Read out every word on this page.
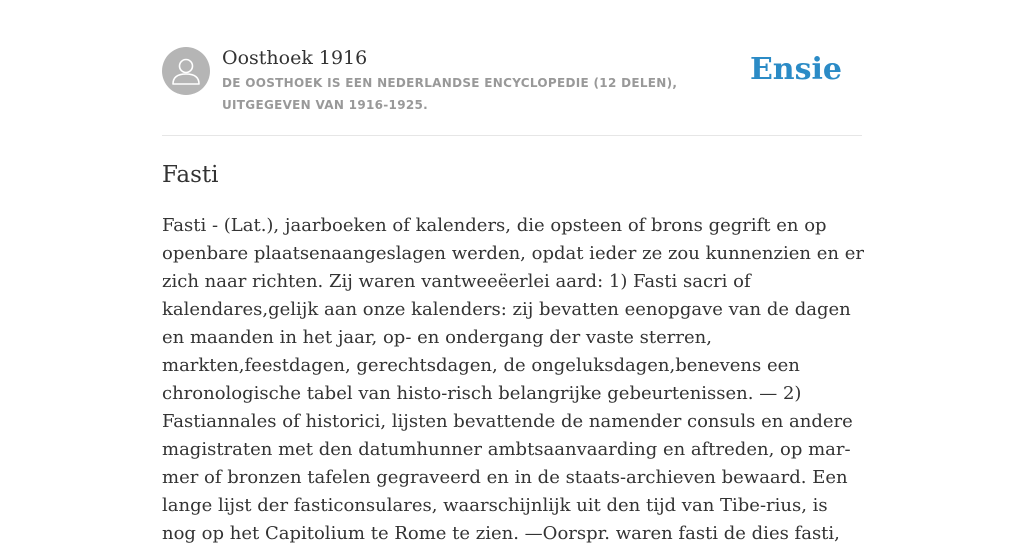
Oosthoek 1916
DE OOSTHOEK IS EEN NEDERLANDSE ENCYCLOPEDIE (12 DELEN), UITGEGEVEN VAN 1916-1925.
Ensie
Fasti

Fasti - (Lat.), jaarboeken of kalenders, die opsteen of brons gegrift en op openbare plaatsenaangeslagen werden, opdat ieder ze zou kunnenzien en er zich naar richten. Zij waren vantweeëerlei aard: 1) Fasti sacri of kalendares,gelijk aan onze kalenders: zij bevatten eenopgave van de dagen en maanden in het jaar, op- en ondergang der vaste sterren, markten,feestdagen, gerechtsdagen, de ongeluksdagen,benevens een chronologische tabel van histo-risch belangrijke gebeurtenissen. — 2) Fastiannales of historici, lijsten bevattende de namender consuls en andere magistraten met den datumhunner ambtsaanvaarding en aftreden, op mar-mer of bronzen tafelen gegraveerd en in de staats-archieven bewaard. Een lange lijst der fasticonsulares, waarschijnlijk uit den tijd van Tibe-rius, is nog op het Capitolium te Rome te zien. —Oorspr. waren fasti de dies fasti,
